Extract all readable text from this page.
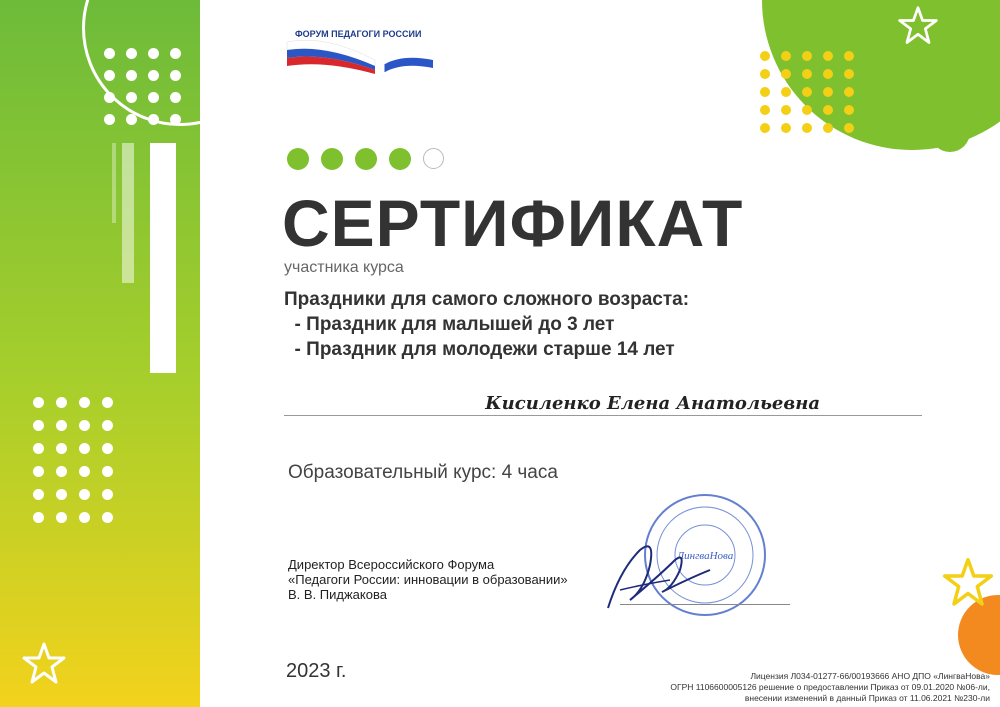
ФОРУМ ПЕДАГОГИ РОССИИ
СЕРТИФИКАТ
участника курса
Праздники для самого сложного возраста:
- Праздник для малышей до 3 лет
- Праздник для молодежи старше 14 лет
Кисиленко Елена Анатольевна
Образовательный курс: 4 часа
Директор Всероссийского Форума
«Педагоги России: инновации в образовании»
В. В. Пиджакова
ЛингваНова
2023 г.	Лицензия Л034-01277-66/00193666 АНО ДПО «ЛингваНова»
ОГРН 1106600005126 решение о предоставлении Приказ от 09.01.2020 №06-ли,
внесении изменений в данный Приказ от 11.06.2021 №230-ли
